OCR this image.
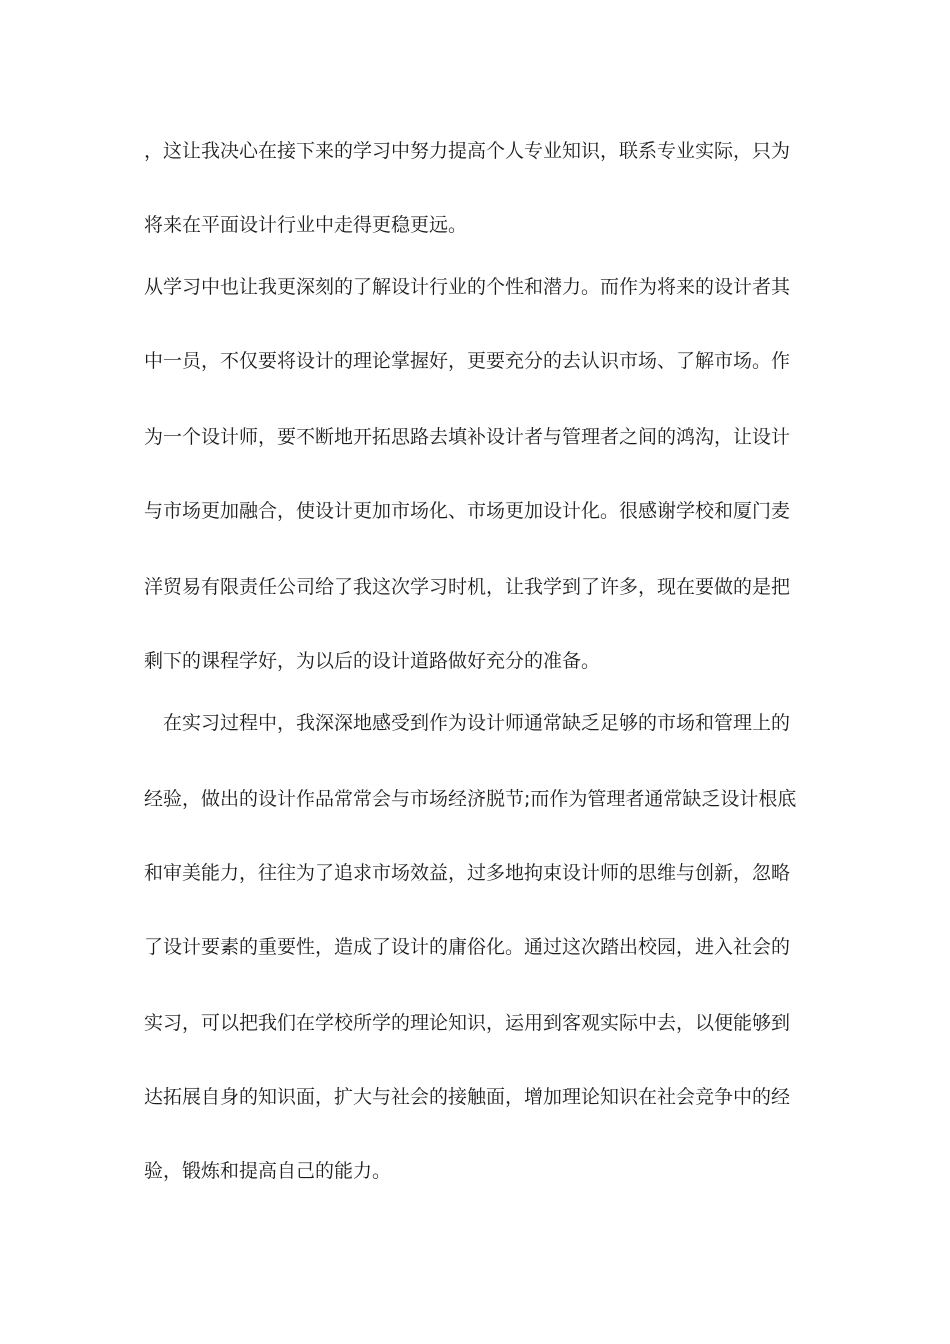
，这让我决心在接下来的学习中努力提高个人专业知识，联系专业实际，只为
将来在平面设计行业中走得更稳更远。
从学习中也让我更深刻的了解设计行业的个性和潜力。而作为将来的设计者其
中一员，不仅要将设计的理论掌握好，更要充分的去认识市场、了解市场。作
为一个设计师，要不断地开拓思路去填补设计者与管理者之间的鸿沟，让设计
与市场更加融合，使设计更加市场化、市场更加设计化。很感谢学校和厦门麦
洋贸易有限责任公司给了我这次学习时机，让我学到了许多，现在要做的是把
剩下的课程学好，为以后的设计道路做好充分的准备。
　在实习过程中，我深深地感受到作为设计师通常缺乏足够的市场和管理上的
经验，做出的设计作品常常会与市场经济脱节;而作为管理者通常缺乏设计根底
和审美能力，往往为了追求市场效益，过多地拘束设计师的思维与创新，忽略
了设计要素的重要性，造成了设计的庸俗化。通过这次踏出校园，进入社会的
实习，可以把我们在学校所学的理论知识，运用到客观实际中去，以便能够到
达拓展自身的知识面，扩大与社会的接触面，增加理论知识在社会竞争中的经
验，锻炼和提高自己的能力。
